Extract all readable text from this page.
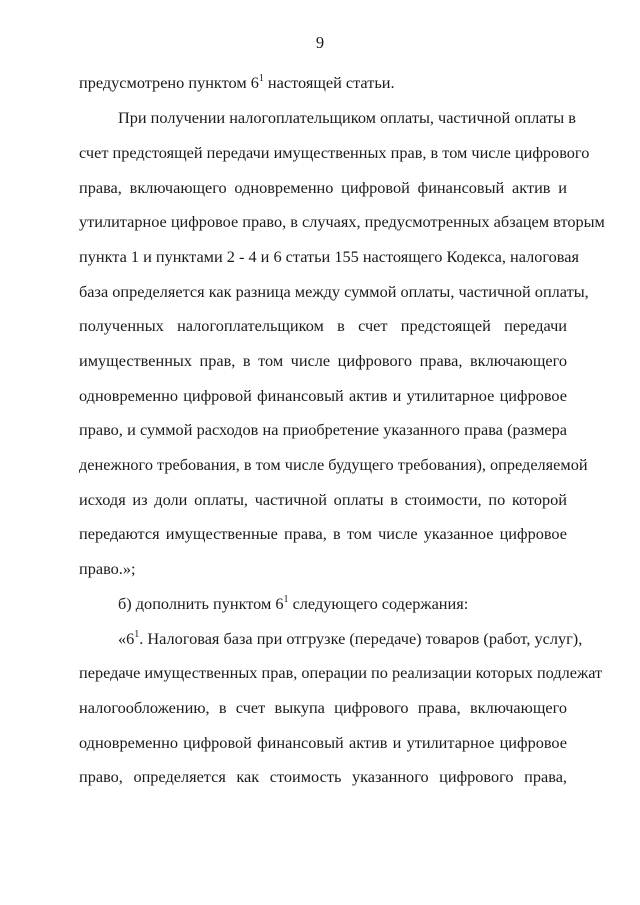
9
предусмотрено пунктом $6^1$ настоящей статьи.
При получении налогоплательщиком оплаты, частичной оплаты в
счет предстоящей передачи имущественных прав, в том числе цифрового
права, включающего одновременно цифровой финансовый актив и
утилитарное цифровое право, в случаях, предусмотренных абзацем вторым
пункта 1 и пунктами 2 - 4 и 6 статьи 155 настоящего Кодекса, налоговая
база определяется как разница между суммой оплаты, частичной оплаты,
полученных налогоплательщиком в счет предстоящей передачи
имущественных прав, в том числе цифрового права, включающего
одновременно цифровой финансовый актив и утилитарное цифровое
право, и суммой расходов на приобретение указанного права (размера
денежного требования, в том числе будущего требования), определяемой
исходя из доли оплаты, частичной оплаты в стоимости, по которой
передаются имущественные права, в том числе указанное цифровое
право.»;
б) дополнить пунктом $6^1$ следующего содержания:
«$6^1$. Налоговая база при отгрузке (передаче) товаров (работ, услуг),
передаче имущественных прав, операции по реализации которых подлежат
налогообложению, в счет выкупа цифрового права, включающего
одновременно цифровой финансовый актив и утилитарное цифровое
право, определяется как стоимость указанного цифрового права,
